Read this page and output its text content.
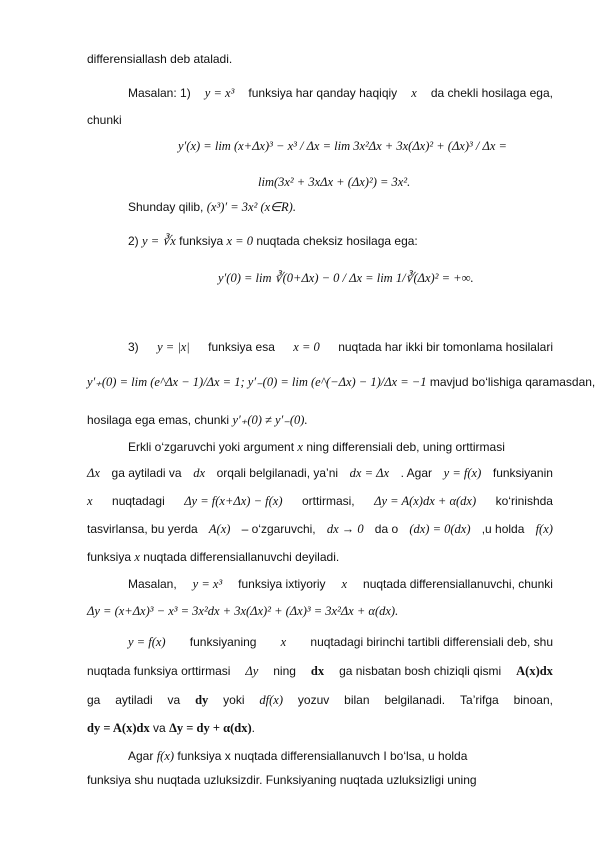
differensiallash deb ataladi.
Masalan: 1) y = x³ funksiya har qanday haqiqiy x da chekli hosilaga ega,
chunki
y′(x) = lim (x+Δx)³ − x³ / Δx = lim 3x²Δx + 3x(Δx)² + (Δx)³ / Δx =
lim(3x² + 3xΔx + (Δx)²) = 3x².
Shunday qilib, (x³)′ = 3x² (x∈R).
2) y = ∛x funksiya x = 0 nuqtada cheksiz hosilaga ega:
y′(0) = lim ∛(0+Δx) − 0 / Δx = lim 1/∛(Δx)² = +∞.
3) y = |x| funksiya esa x = 0 nuqtada har ikki bir tomonlama hosilalari
y′₊(0) = lim (e^Δx − 1)/Δx = 1; y′₋(0) = lim (e^(−Δx) − 1)/Δx = −1 mavjud bo‘lishiga qaramasdan,
hosilaga ega emas, chunki y′₊(0) ≠ y′₋(0).
Erkli o‘zgaruvchi yoki argument x ning differensiali deb, uning orttirmasi
Δx ga aytiladi va dx orqali belgilanadi, ya’ni dx = Δx . Agar y = f(x) funksiyanin
x nuqtadagi Δy = f(x+Δx) − f(x) orttirmasi, Δy = A(x)dx + α(dx) ko‘rinishda
tasvirlansa, bu yerda A(x) – o‘zgaruvchi, dx → 0 da o (dx) = 0(dx) ,u holda f(x)
funksiya x nuqtada differensiallanuvchi deyiladi.
Masalan, y = x³ funksiya ixtiyoriy x nuqtada differensiallanuvchi, chunki
Δy = (x+Δx)³ − x³ = 3x²dx + 3x(Δx)² + (Δx)³ = 3x²Δx + α(dx).
y = f(x) funksiyaning x nuqtadagi birinchi tartibli differensiali deb, shu
nuqtada funksiya orttirmasi Δy ning dx ga nisbatan bosh chiziqli qismi A(x)dx
ga aytiladi va dy yoki df(x) yozuv bilan belgilanadi. Ta’rifga binoan,
dy = A(x)dx va Δy = dy + α(dx).
Agar f(x) funksiya x nuqtada differensiallanuvch I bo‘lsa, u holda
funksiya shu nuqtada uzluksizdir. Funksiyaning nuqtada uzluksizligi uning
